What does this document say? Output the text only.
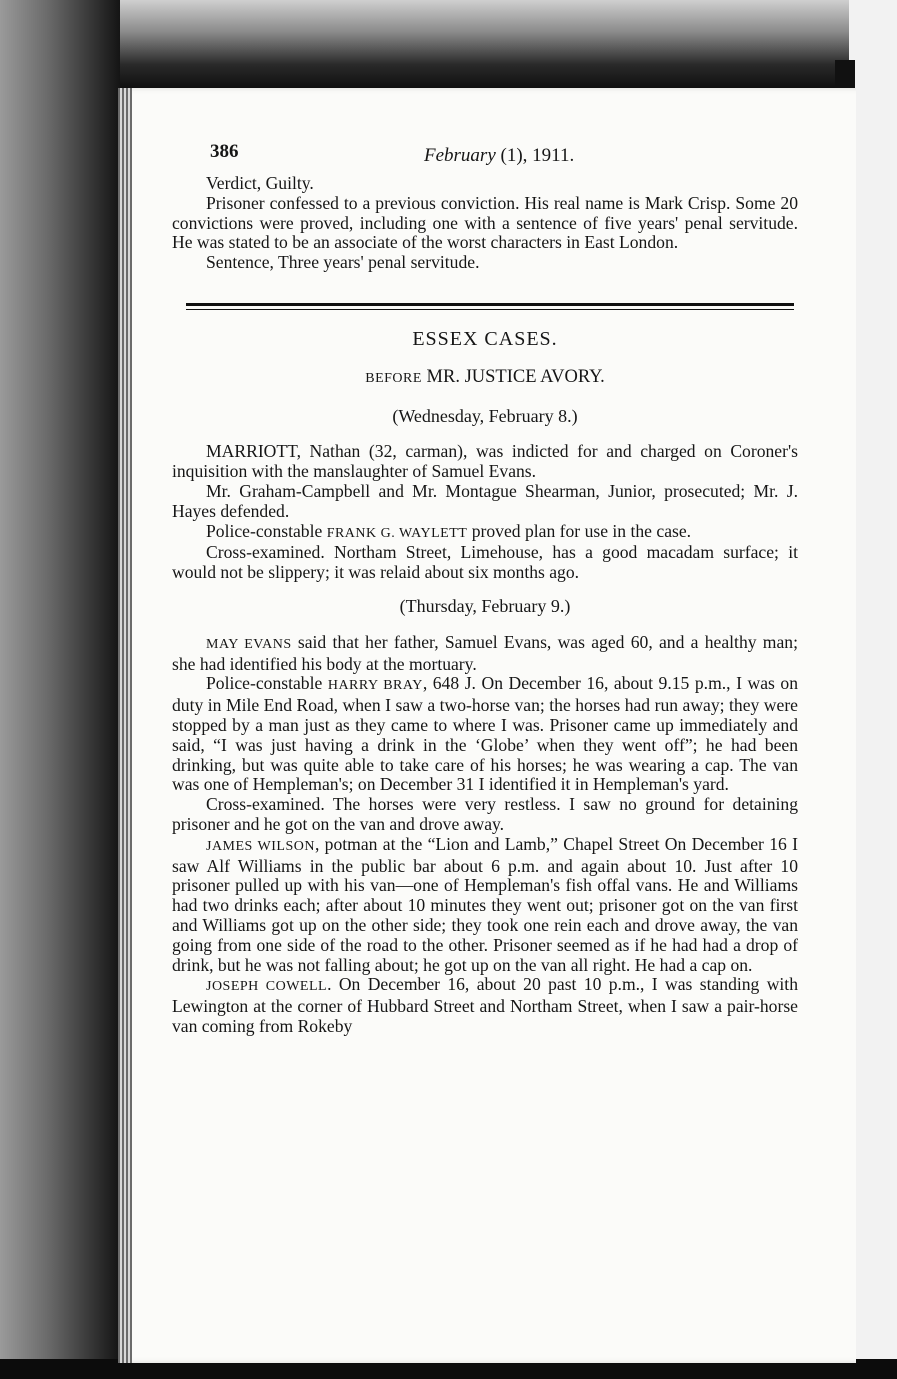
386	February (1), 1911.

Verdict, Guilty.

Prisoner confessed to a previous conviction. His real name is Mark Crisp. Some 20 convictions were proved, including one with a sentence of five years' penal servitude. He was stated to be an associate of the worst characters in East London.

Sentence, Three years' penal servitude.

ESSEX CASES.
BEFORE MR. JUSTICE AVORY.
(Wednesday, February 8.)

MARRIOTT, Nathan (32, carman), was indicted for and charged on Coroner's inquisition with the manslaughter of Samuel Evans.

Mr. Graham-Campbell and Mr. Montague Shearman, Junior, prosecuted; Mr. J. Hayes defended.

Police-constable FRANK G. WAYLETT proved plan for use in the case.

Cross-examined. Northam Street, Limehouse, has a good macadam surface; it would not be slippery; it was relaid about six months ago.

(Thursday, February 9.)

MAY EVANS said that her father, Samuel Evans, was aged 60, and a healthy man; she had identified his body at the mortuary.

Police-constable HARRY BRAY, 648 J. On December 16, about 9.15 p.m., I was on duty in Mile End Road, when I saw a two-horse van; the horses had run away; they were stopped by a man just as they came to where I was. Prisoner came up immediately and said, “I was just having a drink in the ‘Globe’ when they went off”; he had been drinking, but was quite able to take care of his horses; he was wearing a cap. The van was one of Hempleman's; on December 31 I identified it in Hempleman's yard.

Cross-examined. The horses were very restless. I saw no ground for detaining prisoner and he got on the van and drove away.

JAMES WILSON, potman at the “Lion and Lamb,” Chapel Street On December 16 I saw Alf Williams in the public bar about 6 p.m. and again about 10. Just after 10 prisoner pulled up with his van—one of Hempleman's fish offal vans. He and Williams had two drinks each; after about 10 minutes they went out; prisoner got on the van first and Williams got up on the other side; they took one rein each and drove away, the van going from one side of the road to the other. Prisoner seemed as if he had had a drop of drink, but he was not falling about; he got up on the van all right. He had a cap on.

JOSEPH COWELL. On December 16, about 20 past 10 p.m., I was standing with Lewington at the corner of Hubbard Street and Northam Street, when I saw a pair-horse van coming from Rokeby
